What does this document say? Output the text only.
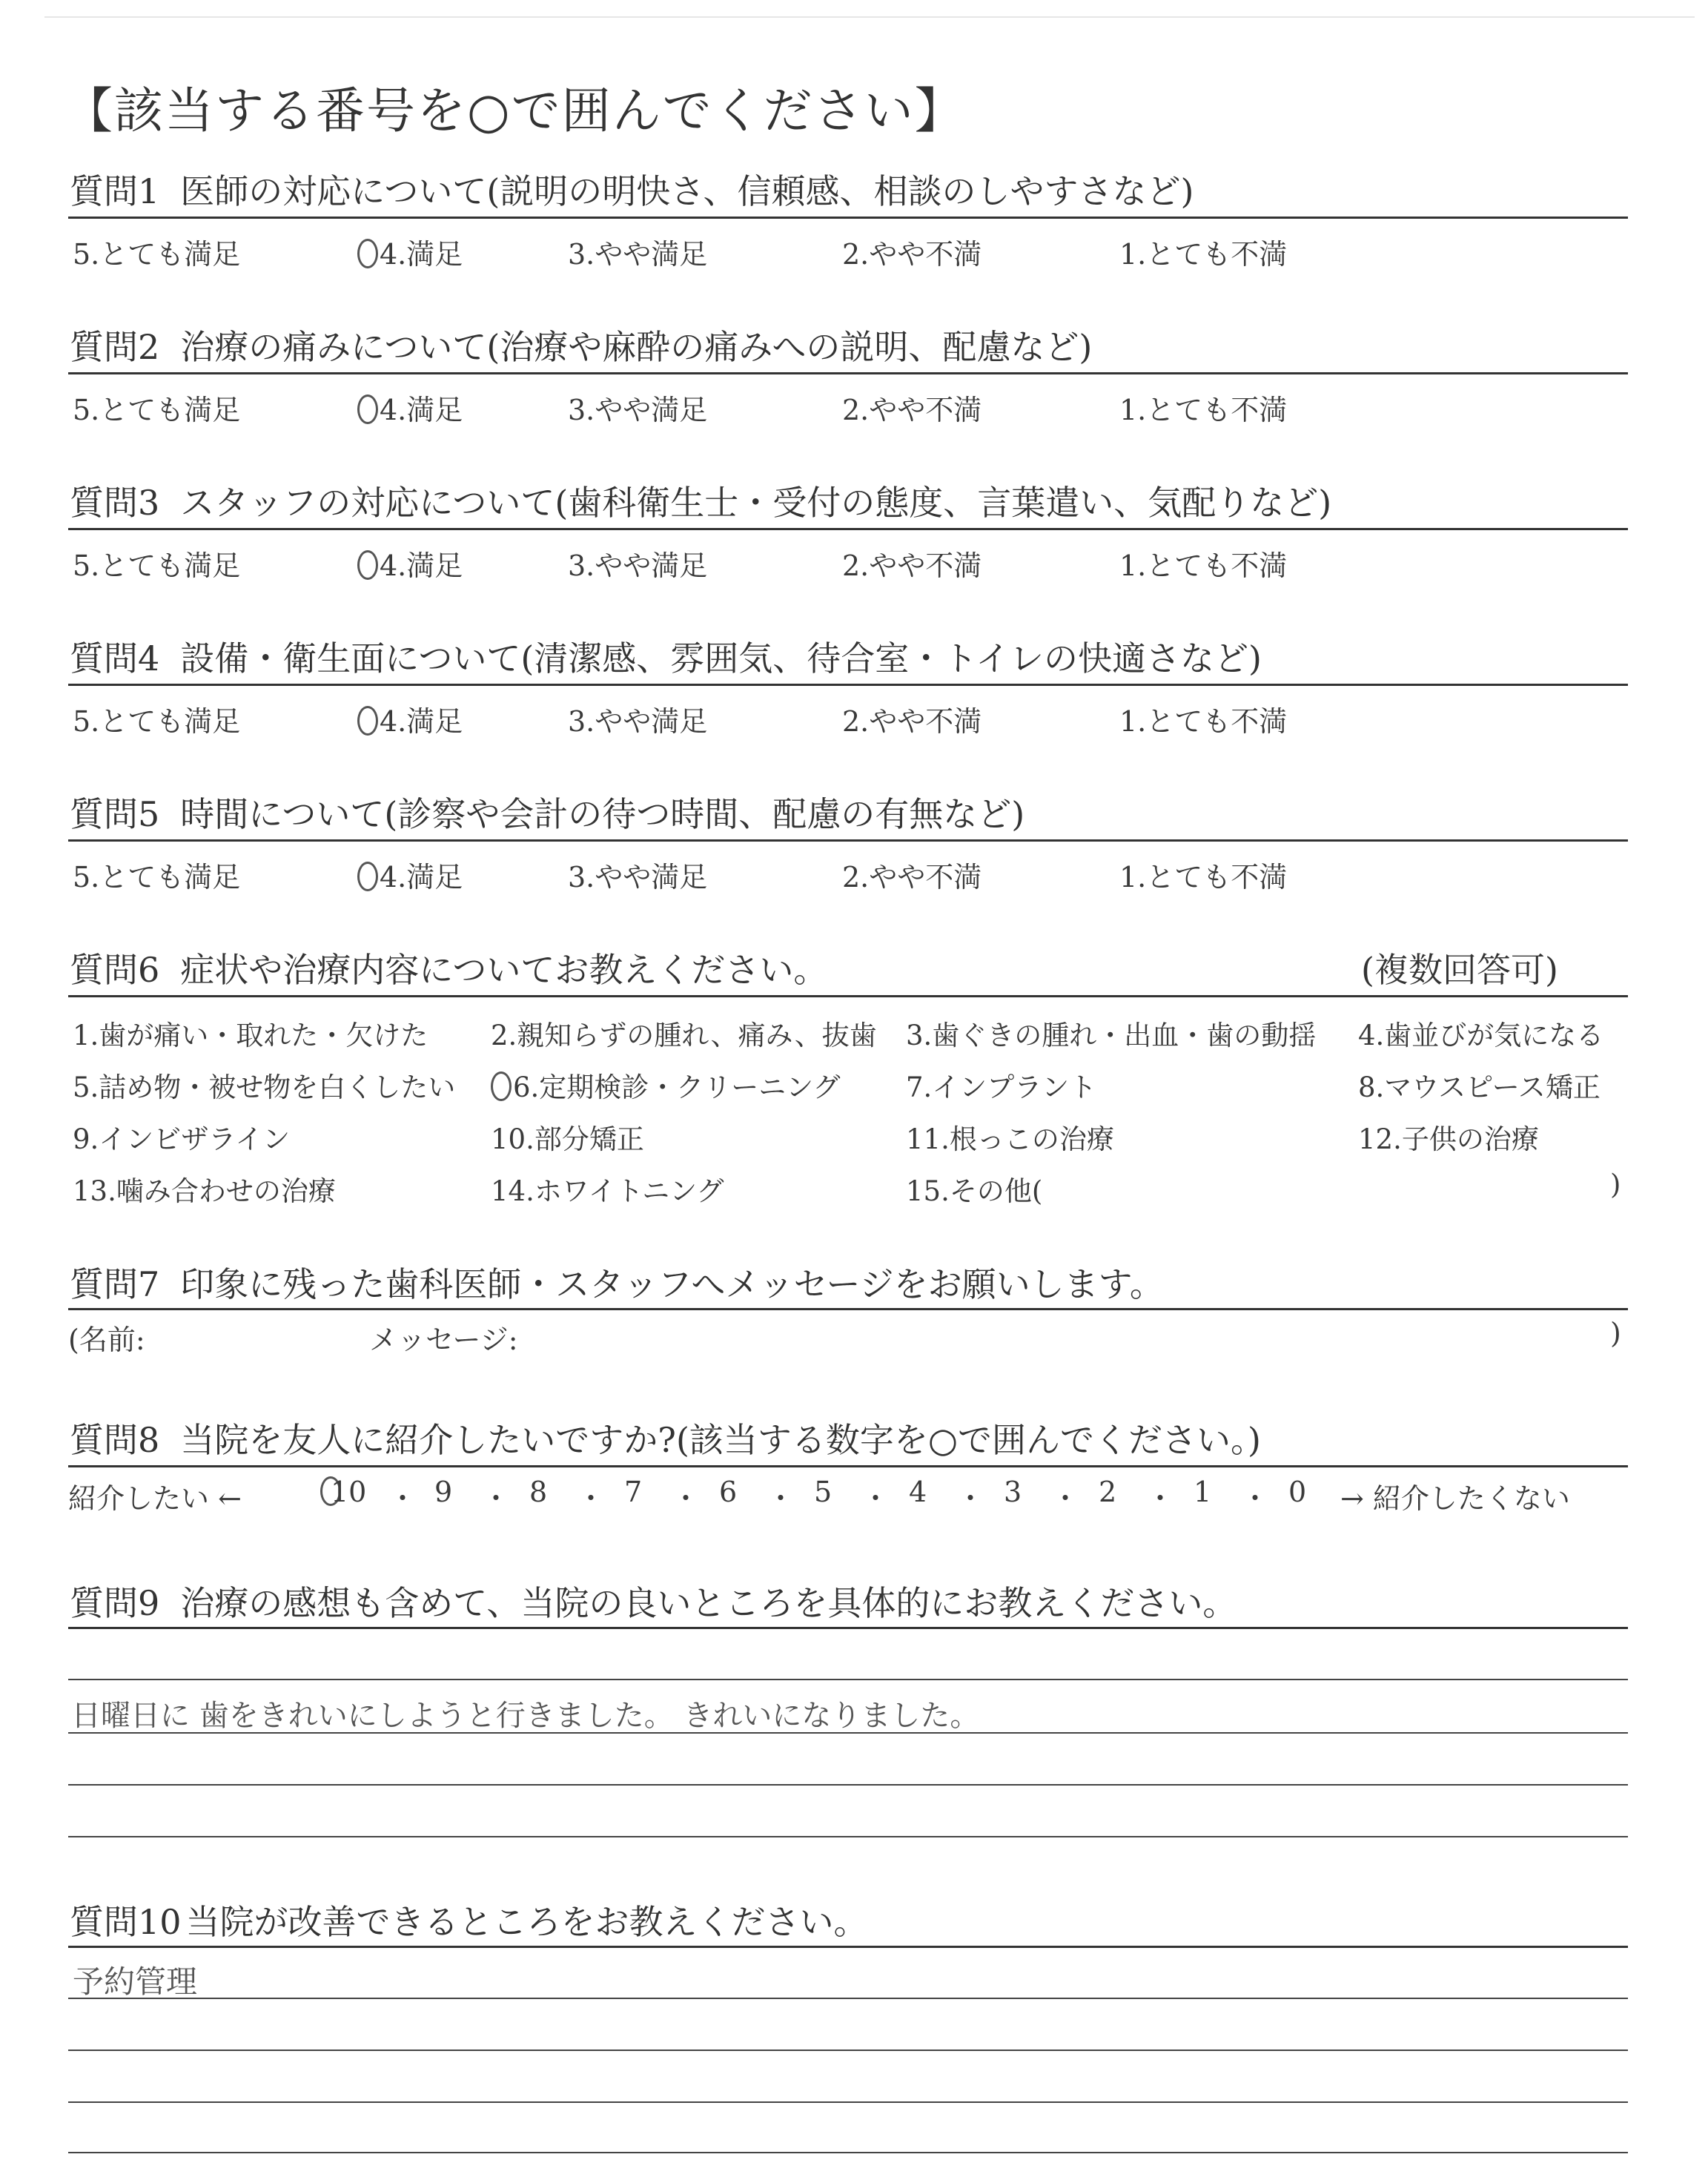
【該当する番号を○で囲んでください】
質問1 医師の対応について(説明の明快さ、信頼感、相談のしやすさなど)
5.とても満足	4.満足	3.やや満足	2.やや不満	1.とても不満
質問2 治療の痛みについて(治療や麻酔の痛みへの説明、配慮など)
5.とても満足	4.満足	3.やや満足	2.やや不満	1.とても不満
質問3 スタッフの対応について(歯科衛生士・受付の態度、言葉遣い、気配りなど)
5.とても満足	4.満足	3.やや満足	2.やや不満	1.とても不満
質問4 設備・衛生面について(清潔感、雰囲気、待合室・トイレの快適さなど)
5.とても満足	4.満足	3.やや満足	2.やや不満	1.とても不満
質問5 時間について(診察や会計の待つ時間、配慮の有無など)
5.とても満足	4.満足	3.やや満足	2.やや不満	1.とても不満
質問6 症状や治療内容についてお教えください。	(複数回答可)
1.歯が痛い・取れた・欠けた 2.親知らずの腫れ、痛み、抜歯 3.歯ぐきの腫れ・出血・歯の動揺 4.歯並びが気になる
5.詰め物・被せ物を白くしたい	6.定期検診・クリーニング 7.インプラント	8.マウスピース矯正
9.インビザライン	10.部分矯正	11.根っこの治療	12.子供の治療
13.噛み合わせの治療	14.ホワイトニング	15.その他(	)
質問7 印象に残った歯科医師・スタッフへメッセージをお願いします。
(名前:	メッセージ:	)
質問8 当院を友人に紹介したいですか?(該当する数字を○で囲んでください。)
紹介したい ←	10 ・ 9 ・ 8 ・ 7 ・ 6 ・ 5 ・ 4 ・ 3 ・ 2 ・ 1 ・ 0 → 紹介したくない
質問9 治療の感想も含めて、当院の良いところを具体的にお教えください。
日曜日に 歯をきれいにしようと行きました。 きれいになりました。
質問10 当院が改善できるところをお教えください。
予約管理
